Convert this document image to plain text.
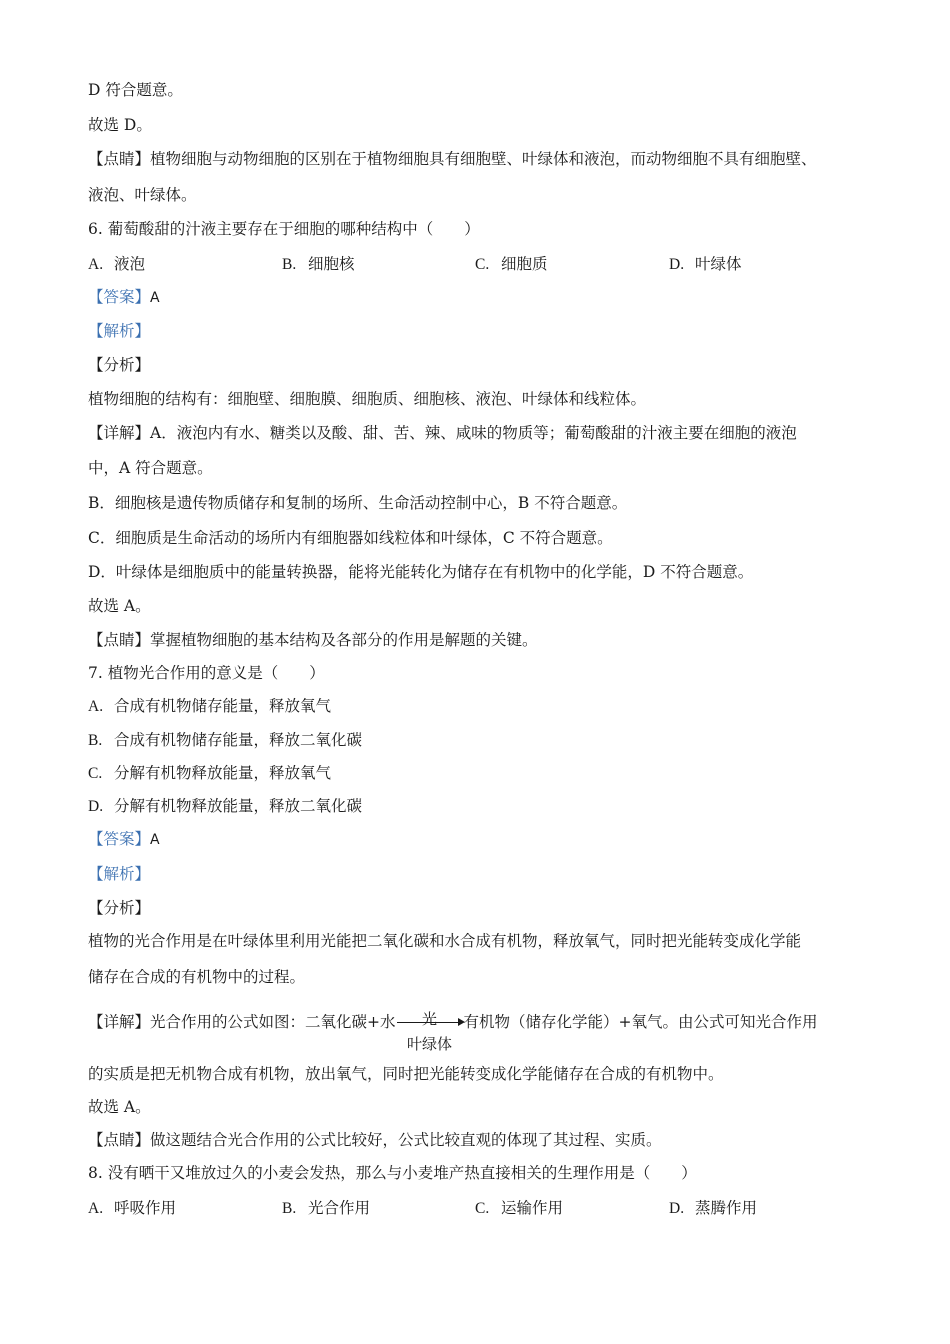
D 符合题意。
故选 D。
【点睛】植物细胞与动物细胞的区别在于植物细胞具有细胞壁、叶绿体和液泡，而动物细胞不具有细胞壁、
液泡、叶绿体。
6. 葡萄酸甜的汁液主要存在于细胞的哪种结构中（　　）
A. 液泡	B. 细胞核	C. 细胞质	D. 叶绿体
【答案】A
【解析】
【分析】
植物细胞的结构有：细胞壁、细胞膜、细胞质、细胞核、液泡、叶绿体和线粒体。
【详解】A．液泡内有水、糖类以及酸、甜、苦、辣、咸味的物质等；葡萄酸甜的汁液主要在细胞的液泡
中，A 符合题意。
B．细胞核是遗传物质储存和复制的场所、生命活动控制中心，B 不符合题意。
C．细胞质是生命活动的场所内有细胞器如线粒体和叶绿体，C 不符合题意。
D．叶绿体是细胞质中的能量转换器，能将光能转化为储存在有机物中的化学能，D 不符合题意。
故选 A。
【点睛】掌握植物细胞的基本结构及各部分的作用是解题的关键。
7. 植物光合作用的意义是（　　）
A. 合成有机物储存能量，释放氧气
B. 合成有机物储存能量，释放二氧化碳
C. 分解有机物释放能量，释放氧气
D. 分解有机物释放能量，释放二氧化碳
【答案】A
【解析】
【分析】
植物的光合作用是在叶绿体里利用光能把二氧化碳和水合成有机物，释放氧气，同时把光能转变成化学能
储存在合成的有机物中的过程。
【详解】光合作用的公式如图：二氧化碳+水	光
叶绿体
有机物（储存化学能）+氧气。由公式可知光合作用
的实质是把无机物合成有机物，放出氧气，同时把光能转变成化学能储存在合成的有机物中。
故选 A。
【点睛】做这题结合光合作用的公式比较好，公式比较直观的体现了其过程、实质。
8. 没有晒干又堆放过久的小麦会发热，那么与小麦堆产热直接相关的生理作用是（　　）
A. 呼吸作用	B. 光合作用	C. 运输作用	D. 蒸腾作用
